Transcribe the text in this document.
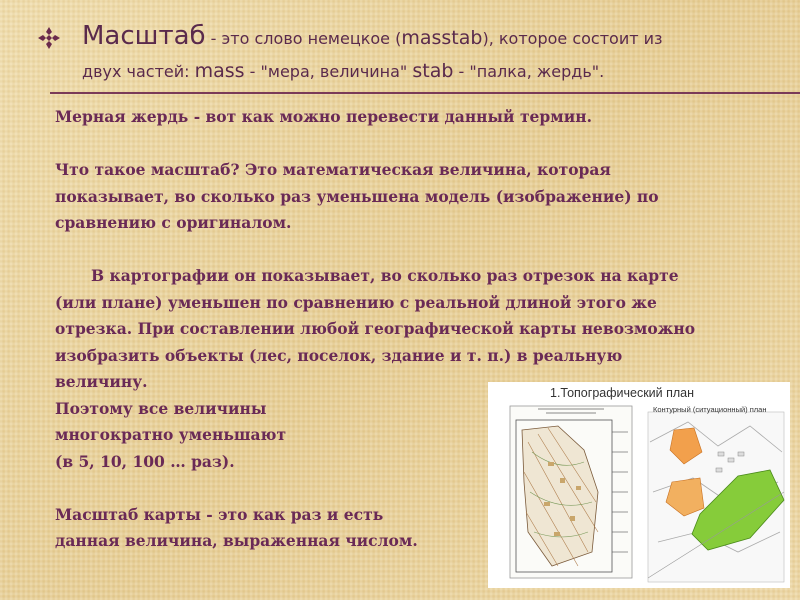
Масштаб - это слово немецкое (masstab), которое состоит из
двух частей: mass - "мера, величина" stab - "палка, жердь".
Мерная жердь - вот как можно перевести данный термин.
Что такое масштаб? Это математическая величина, которая
показывает, во сколько раз уменьшена модель (изображение) по
сравнению с оригиналом.
В картографии он показывает, во сколько раз отрезок на карте
(или плане) уменьшен по сравнению с реальной длиной этого же
отрезка. При составлении любой географической карты невозможно
изобразить объекты (лес, поселок, здание и т. п.) в реальную
величину.
Поэтому все величины
многократно уменьшают
(в 5, 10, 100 … раз).
Масштаб карты - это как раз и есть
данная величина, выраженная числом.
Контурный (ситуационный) план
1.Топографический план
